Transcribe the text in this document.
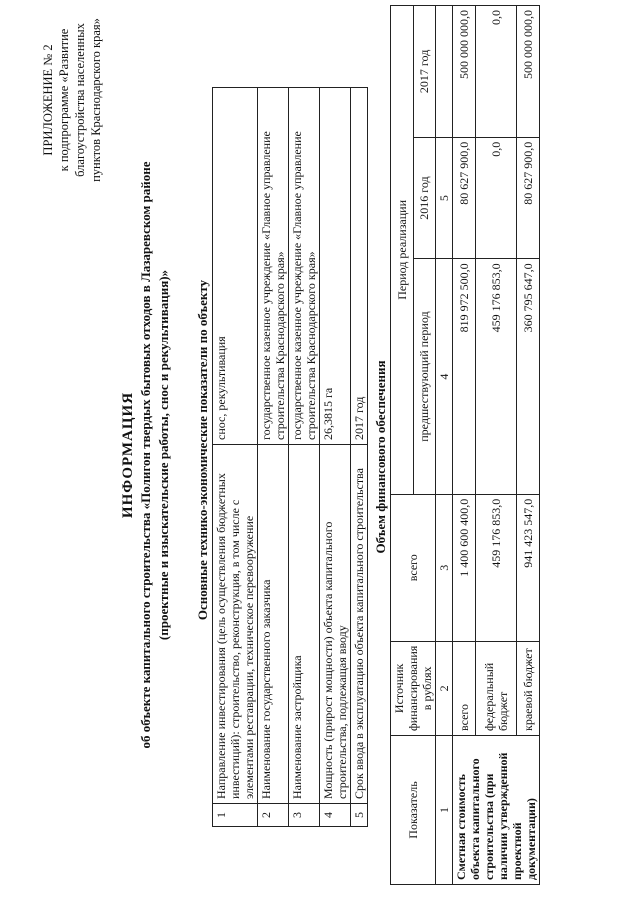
ПРИЛОЖЕНИЕ № 2 к подпрограмме «Развитие благоустройства населенных пунктов Краснодарского края»
ИНФОРМАЦИЯ об объекте капитального строительства «Полигон твердых бытовых отходов в Лазаревском районе (проектные и изыскательские работы, снос и рекультивация)» Основные технико-экономические показатели по объекту
1	Направление инвестирования (цель осуществления бюджетных инвестиций): строительство, реконструкция, в том числе с элементами реставрации, техническое перевооружение	снос, рекультивация
2	Наименование государственного заказчика	государственное казенное учреждение «Главное управление строительства Краснодарского края»
3	Наименование застройщика	государственное казенное учреждение «Главное управление строительства Краснодарского края»
4	Мощность (прирост мощности) объекта капитального строительства, подлежащая вводу	26,3815 га
5	Срок ввода в эксплуатацию объекта капитального строительства	2017 год Объем финансового обеспечения
Показатель	Источник финансирования в рублях	всего	Период реализации		
			предшествующий период	2016 год	2017 год
1	2	3	4	5	
Сметная стоимость объекта капитального строительства (при наличии утвержденной проектной документации)	всего	1 400 600 400,0	819 972 500,0	80 627 900,0	500 000 000,0
	федеральный бюджет	459 176 853,0	459 176 853,0	0,0	0,0
	краевой бюджет	941 423 547,0	360 795 647,0	80 627 900,0	500 000 000,0
